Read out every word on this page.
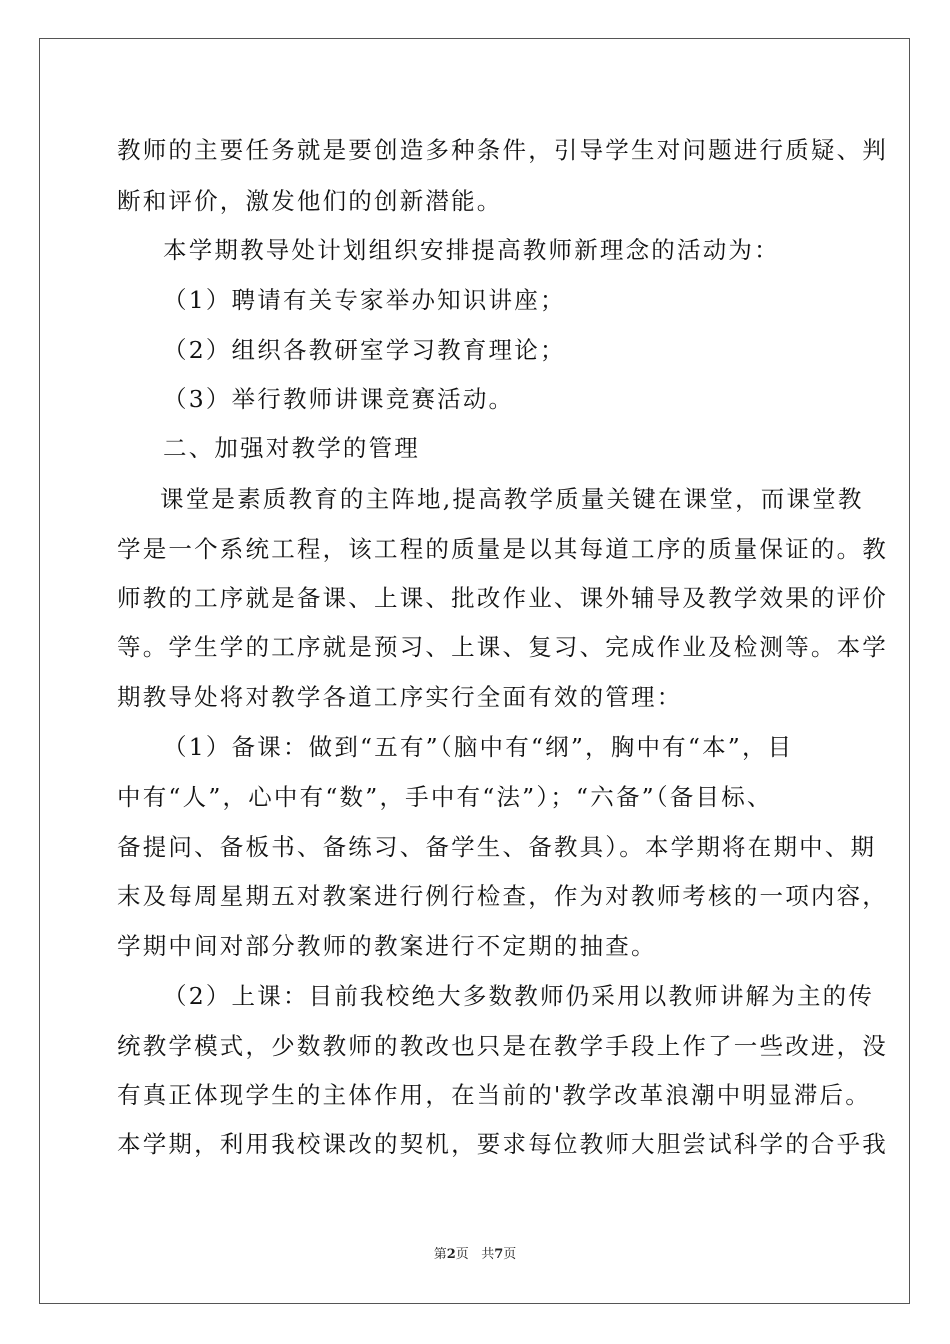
教师的主要任务就是要创造多种条件，引导学生对问题进行质疑、判
断和评价，激发他们的创新潜能。
本学期教导处计划组织安排提高教师新理念的活动为：
（1）聘请有关专家举办知识讲座；
（2）组织各教研室学习教育理论；
（3）举行教师讲课竞赛活动。
二、加强对教学的管理
课堂是素质教育的主阵地,提高教学质量关键在课堂，而课堂教
学是一个系统工程，该工程的质量是以其每道工序的质量保证的。教
师教的工序就是备课、上课、批改作业、课外辅导及教学效果的评价
等。学生学的工序就是预习、上课、复习、完成作业及检测等。本学
期教导处将对教学各道工序实行全面有效的管理：
（1）备课：做到“五有”（脑中有“纲”，胸中有“本”，目
中有“人”，心中有“数”，手中有“法”）；“六备”（备目标、
备提问、备板书、备练习、备学生、备教具）。本学期将在期中、期
末及每周星期五对教案进行例行检查，作为对教师考核的一项内容，
学期中间对部分教师的教案进行不定期的抽查。
（2）上课：目前我校绝大多数教师仍采用以教师讲解为主的传
统教学模式，少数教师的教改也只是在教学手段上作了一些改进，没
有真正体现学生的主体作用，在当前的'教学改革浪潮中明显滞后。
本学期，利用我校课改的契机，要求每位教师大胆尝试科学的合乎我
第2页 共7页
